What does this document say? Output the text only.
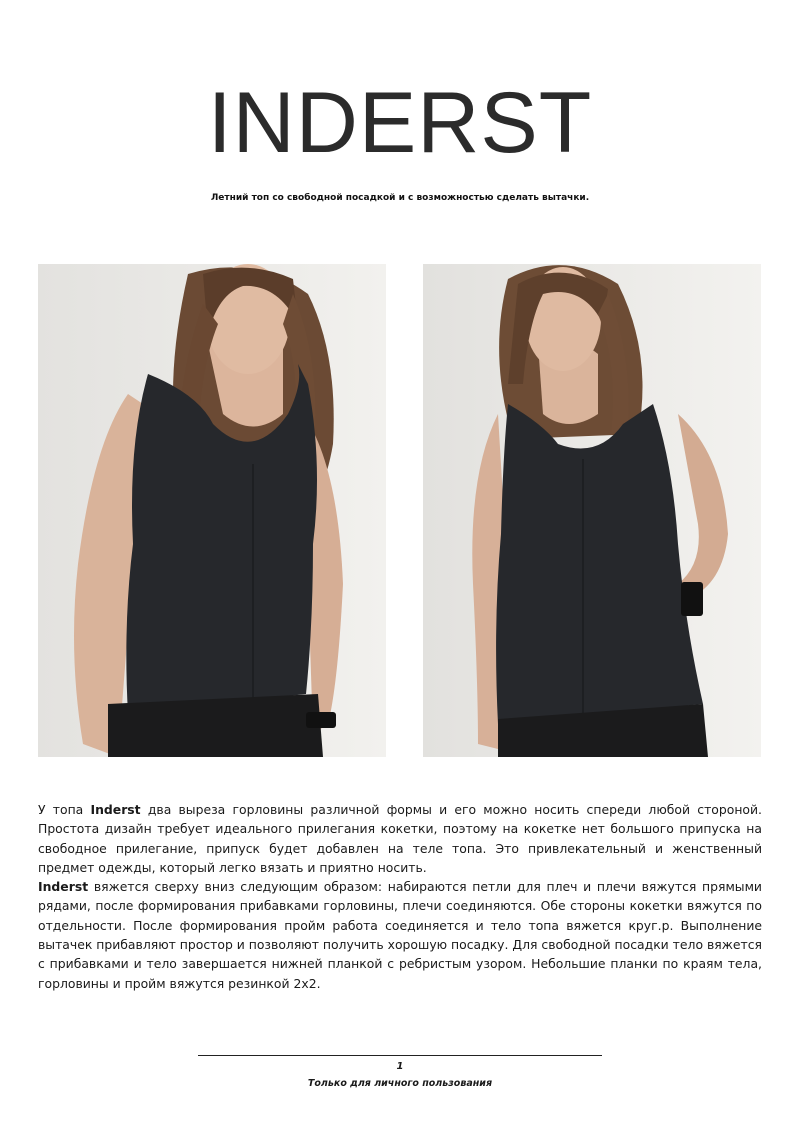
INDERST
Летний топ со свободной посадкой и с возможностью сделать вытачки.

У топа Inderst два выреза горловины различной формы и его можно носить спереди любой стороной. Простота дизайн требует идеального прилегания кокетки, поэтому на кокетке нет большого припуска на свободное прилегание, припуск будет добавлен на теле топа. Это привлекательный и женственный предмет одежды, который легко вязать и приятно носить.

Inderst вяжется сверху вниз следующим образом: набираются петли для плеч и плечи вяжутся прямыми рядами, после формирования прибавками горловины, плечи соединяются. Обе стороны кокетки вяжутся по отдельности. После формирования пройм работа соединяется и тело топа вяжется круг.р. Выполнение вытачек прибавляют простор и позволяют получить хорошую посадку. Для свободной посадки тело вяжется с прибавками и тело завершается нижней планкой с ребристым узором. Небольшие планки по краям тела, горловины и пройм вяжутся резинкой 2х2.

1
Только для личного пользования
